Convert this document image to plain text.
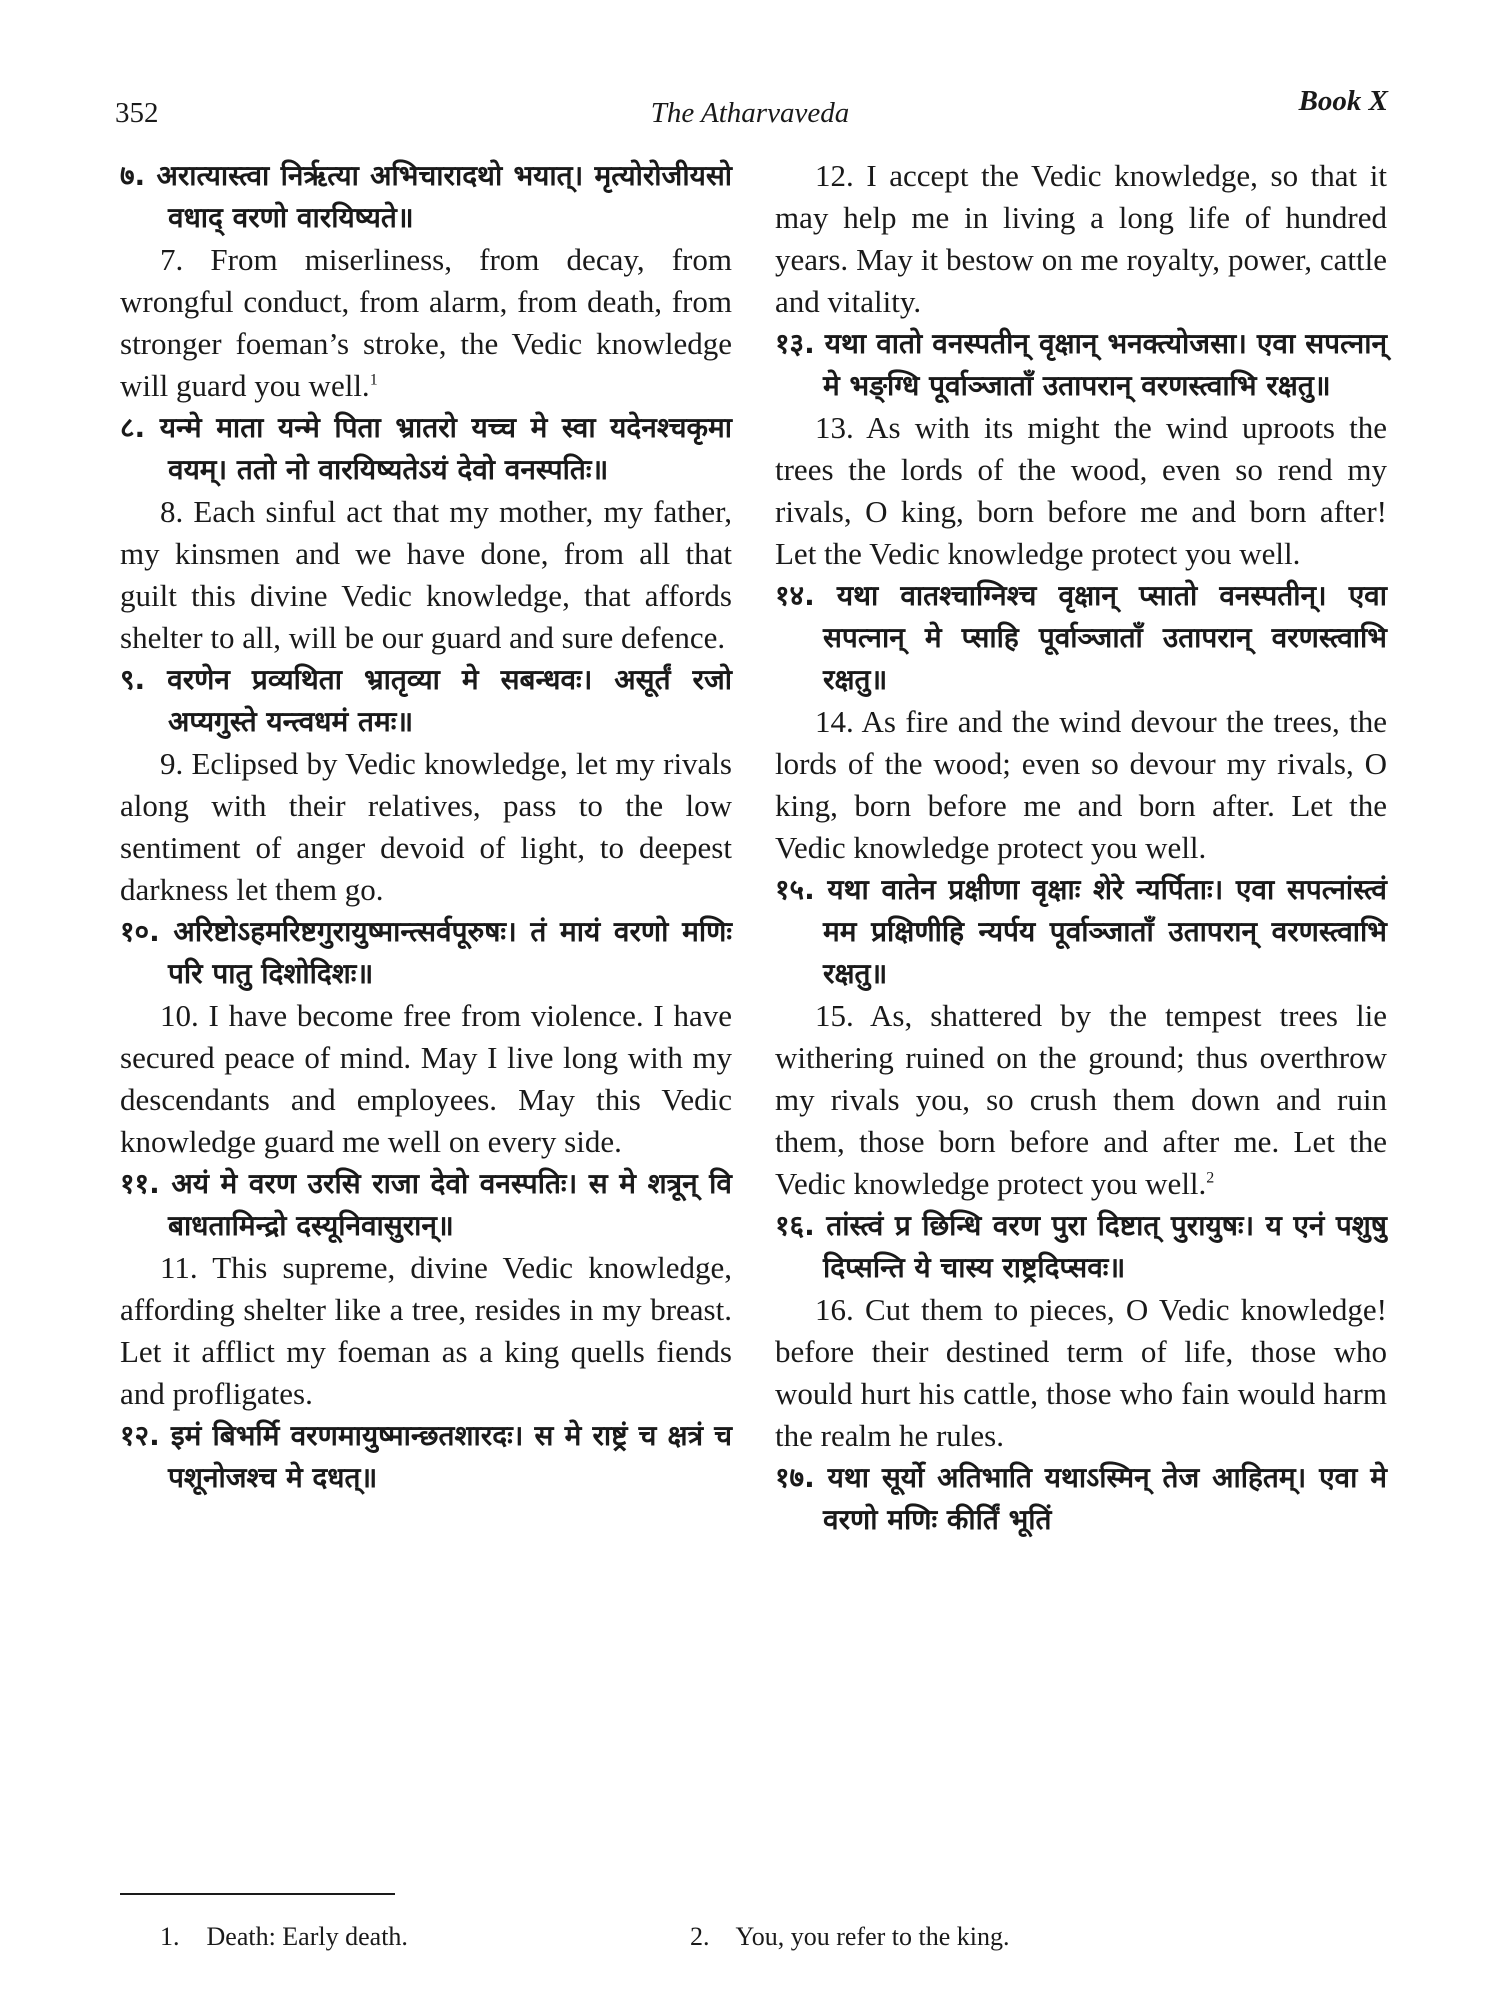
352	The Atharvaveda	Book X

७. अरात्यास्त्वा निर्ऋत्या अभिचारादथो भयात्। मृत्योरोजीयसो वधाद् वरणो वारयिष्यते॥

7. From miserliness, from decay, from wrongful conduct, from alarm, from death, from stronger foeman’s stroke, the Vedic knowledge will guard you well.$^1$

८. यन्मे माता यन्मे पिता भ्रातरो यच्च मे स्वा यदेनश्चकृमा वयम्। ततो नो वारयिष्यतेऽयं देवो वनस्पतिः॥

8. Each sinful act that my mother, my father, my kinsmen and we have done, from all that guilt this divine Vedic knowledge, that affords shelter to all, will be our guard and sure defence.

९. वरणेन प्रव्यथिता भ्रातृव्या मे सबन्धवः। असूर्तं रजो अप्यगुस्ते यन्त्वधमं तमः॥

9. Eclipsed by Vedic knowledge, let my rivals along with their relatives, pass to the low sentiment of anger devoid of light, to deepest darkness let them go.

१०. अरिष्टोऽहमरिष्टगुरायुष्मान्त्सर्वपूरुषः। तं मायं वरणो मणिः परि पातु दिशोदिशः॥

10. I have become free from violence. I have secured peace of mind. May I live long with my descendants and employees. May this Vedic knowledge guard me well on every side.

११. अयं मे वरण उरसि राजा देवो वनस्पतिः। स मे शत्रून् वि बाधतामिन्द्रो दस्यूनिवासुरान्॥

11. This supreme, divine Vedic knowledge, affording shelter like a tree, resides in my breast. Let it afflict my foeman as a king quells fiends and profligates.

१२. इमं बिभर्मि वरणमायुष्मान्छतशारदः। स मे राष्ट्रं च क्षत्रं च पशूनोजश्च मे दधत्॥

12. I accept the Vedic knowledge, so that it may help me in living a long life of hundred years. May it bestow on me royalty, power, cattle and vitality.

१३. यथा वातो वनस्पतीन् वृक्षान् भनक्त्योजसा। एवा सपत्नान् मे भङ्ग्धि पूर्वाञ्जाताँ उतापरान् वरणस्त्वाभि रक्षतु॥

13. As with its might the wind uproots the trees the lords of the wood, even so rend my rivals, O king, born before me and born after! Let the Vedic knowledge protect you well.

१४. यथा वातश्चाग्निश्च वृक्षान् प्सातो वनस्पतीन्। एवा सपत्नान् मे प्साहि पूर्वाञ्जाताँ उतापरान् वरणस्त्वाभि रक्षतु॥

14. As fire and the wind devour the trees, the lords of the wood; even so devour my rivals, O king, born before me and born after. Let the Vedic knowledge protect you well.

१५. यथा वातेन प्रक्षीणा वृक्षाः शेरे न्यर्पिताः। एवा सपत्नांस्त्वं मम प्रक्षिणीहि न्यर्पय पूर्वाञ्जाताँ उतापरान् वरणस्त्वाभि रक्षतु॥

15. As, shattered by the tempest trees lie withering ruined on the ground; thus overthrow my rivals you, so crush them down and ruin them, those born before and after me. Let the Vedic knowledge protect you well.$^2$

१६. तांस्त्वं प्र छिन्धि वरण पुरा दिष्टात् पुरायुषः। य एनं पशुषु दिप्सन्ति ये चास्य राष्ट्रदिप्सवः॥

16. Cut them to pieces, O Vedic knowledge! before their destined term of life, those who would hurt his cattle, those who fain would harm the realm he rules.

१७. यथा सूर्यो अतिभाति यथाऽस्मिन् तेज आहितम्। एवा मे वरणो मणिः कीर्तिं भूतिं

1. Death: Early death.	2. You, you refer to the king.
